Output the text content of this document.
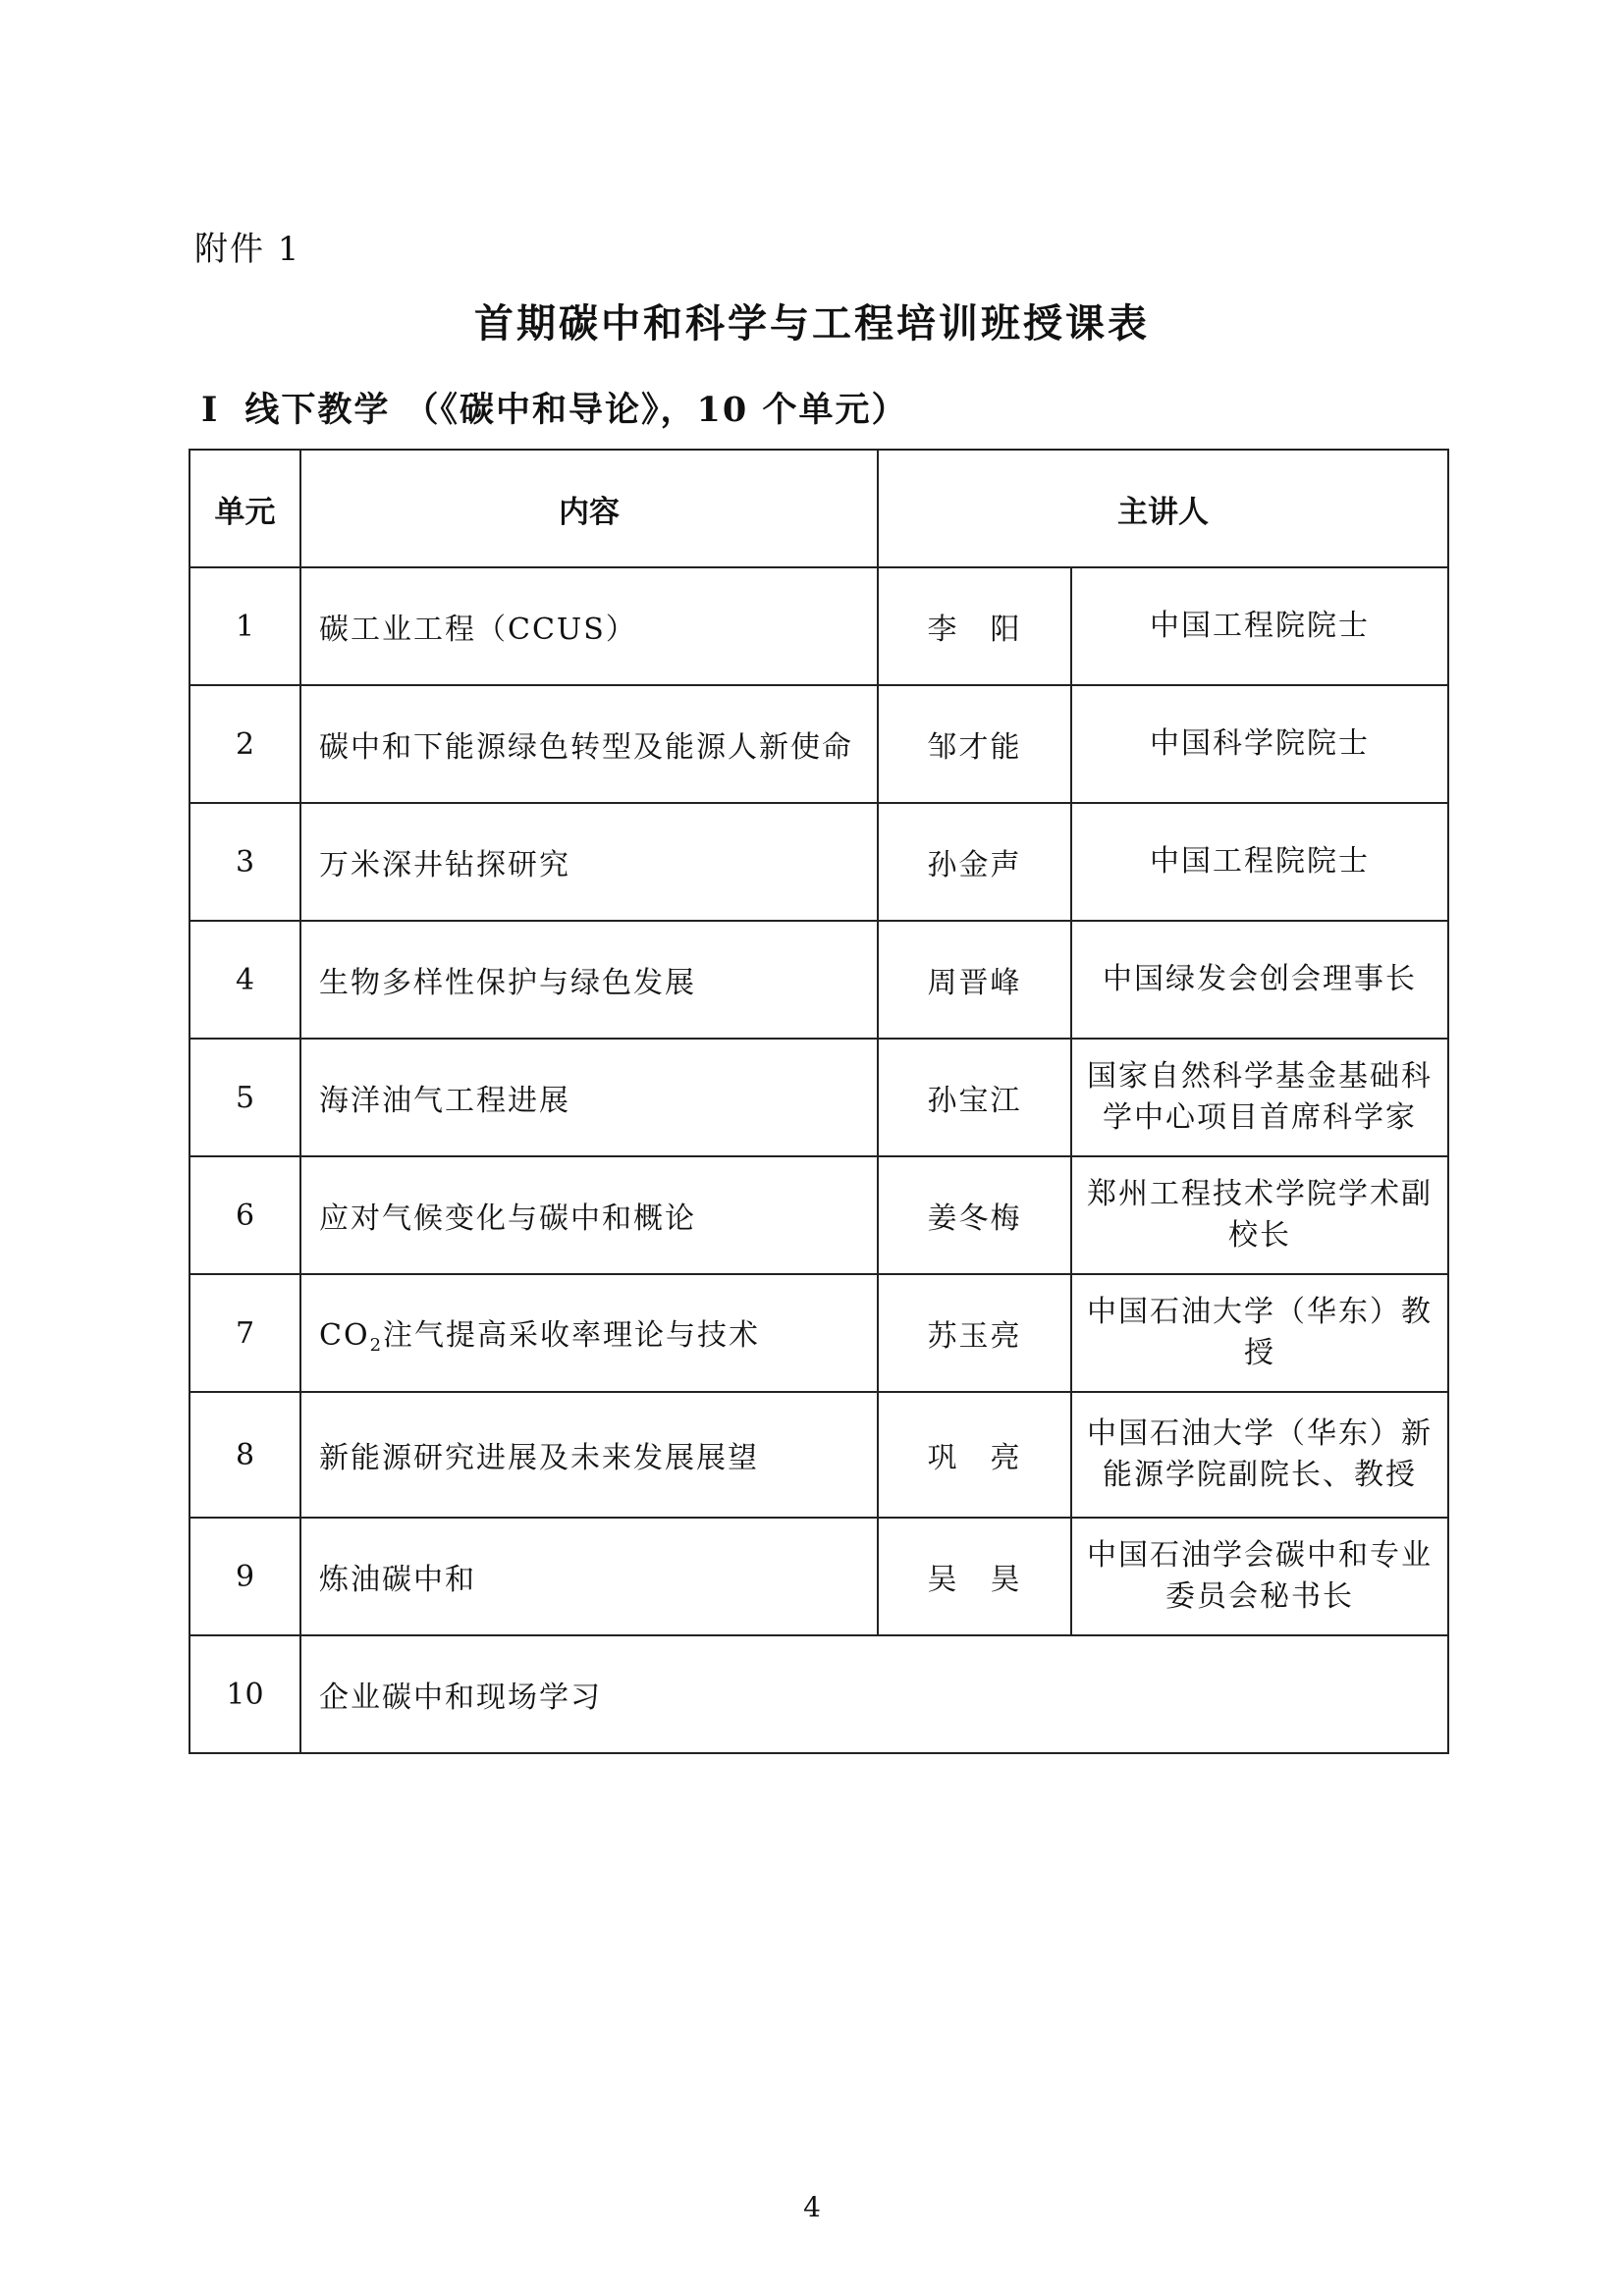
附件 1
首期碳中和科学与工程培训班授课表
Ⅰ 线下教学 （《碳中和导论》，10 个单元）
单元	内容	主讲人	
1	碳工业工程（CCUS）	李　阳	中国工程院院士
2	碳中和下能源绿色转型及能源人新使命	邹才能	中国科学院院士
3	万米深井钻探研究	孙金声	中国工程院院士
4	生物多样性保护与绿色发展	周晋峰	中国绿发会创会理事长
5	海洋油气工程进展	孙宝江	国家自然科学基金基础科学中心项目首席科学家
6	应对气候变化与碳中和概论	姜冬梅	郑州工程技术学院学术副校长
7	$CO_2$注气提高采收率理论与技术	苏玉亮	中国石油大学（华东）教授
8	新能源研究进展及未来发展展望	巩　亮	中国石油大学（华东）新能源学院副院长、教授
9	炼油碳中和	吴　昊	中国石油学会碳中和专业委员会秘书长
10	企业碳中和现场学习		
4
